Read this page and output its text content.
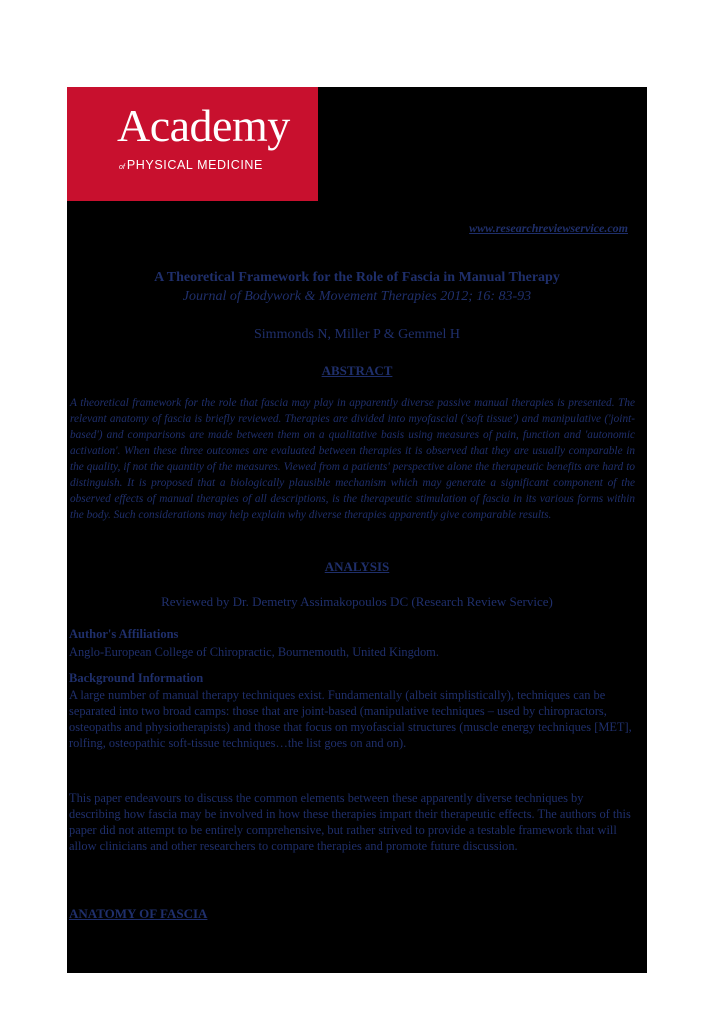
Academy
of PHYSICAL MEDICINE
www.researchreviewservice.com
A Theoretical Framework for the Role of Fascia in Manual Therapy
Journal of Bodywork & Movement Therapies 2012; 16: 83-93
Simmonds N, Miller P & Gemmel H
ABSTRACT
A theoretical framework for the role that fascia may play in apparently diverse passive manual therapies is presented. The relevant anatomy of fascia is briefly reviewed. Therapies are divided into myofascial ('soft tissue') and manipulative ('joint-based') and comparisons are made between them on a qualitative basis using measures of pain, function and 'autonomic activation'. When these three outcomes are evaluated between therapies it is observed that they are usually comparable in the quality, if not the quantity of the measures. Viewed from a patients' perspective alone the therapeutic benefits are hard to distinguish. It is proposed that a biologically plausible mechanism which may generate a significant component of the observed effects of manual therapies of all descriptions, is the therapeutic stimulation of fascia in its various forms within the body. Such considerations may help explain why diverse therapies apparently give comparable results.
ANALYSIS
Reviewed by Dr. Demetry Assimakopoulos DC (Research Review Service)
Author's Affiliations
Anglo-European College of Chiropractic, Bournemouth, United Kingdom.
Background Information
A large number of manual therapy techniques exist. Fundamentally (albeit simplistically), techniques can be separated into two broad camps: those that are joint-based (manipulative techniques – used by chiropractors, osteopaths and physiotherapists) and those that focus on myofascial structures (muscle energy techniques [MET], rolfing, osteopathic soft-tissue techniques…the list goes on and on).
This paper endeavours to discuss the common elements between these apparently diverse techniques by describing how fascia may be involved in how these therapies impart their therapeutic effects. The authors of this paper did not attempt to be entirely comprehensive, but rather strived to provide a testable framework that will allow clinicians and other researchers to compare therapies and promote future discussion.
ANATOMY OF FASCIA
